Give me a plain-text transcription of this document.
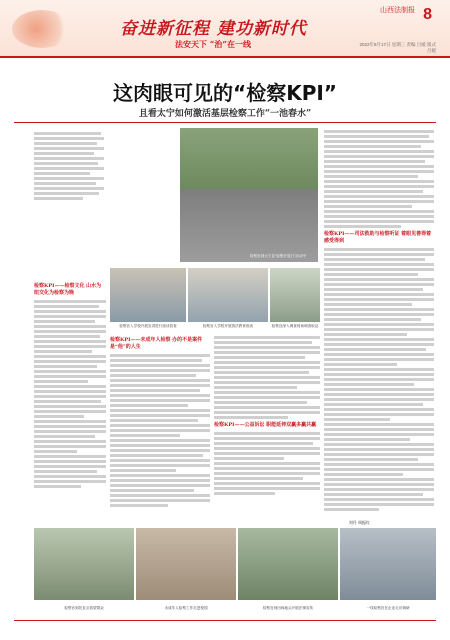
奋进新征程 建功新时代
法安天下 “治”在一线
山西法制报 8
2022年8月17日 星期三 责编 吕媛 版式 吕媛
这肉眼可见的“检察KPI”
且看太宁如何激活基层检察工作“一池春水”
检察官到大宁县“检察开放日”活动中
检察KPI——司法救助与检察听证 着眼见善得着感受得到
检察官入学校开展宣讲进行座谈普查	检察官入学校开展普法教育座谈	检察官深入调查现场调查取证
检察KPI——检察文化 山水为纽交化为检察为晚
检察KPI——未成年人检察 办的不是案件是“他”的人生
检察KPI——公益诉讼 职能延伸双赢多赢共赢
刘丹 周振红
检察官到扶贫点看望群众	未成年人检察工作走进校园	检察官到田间地头开展法律宣传	一线检察官在企业走访调研
